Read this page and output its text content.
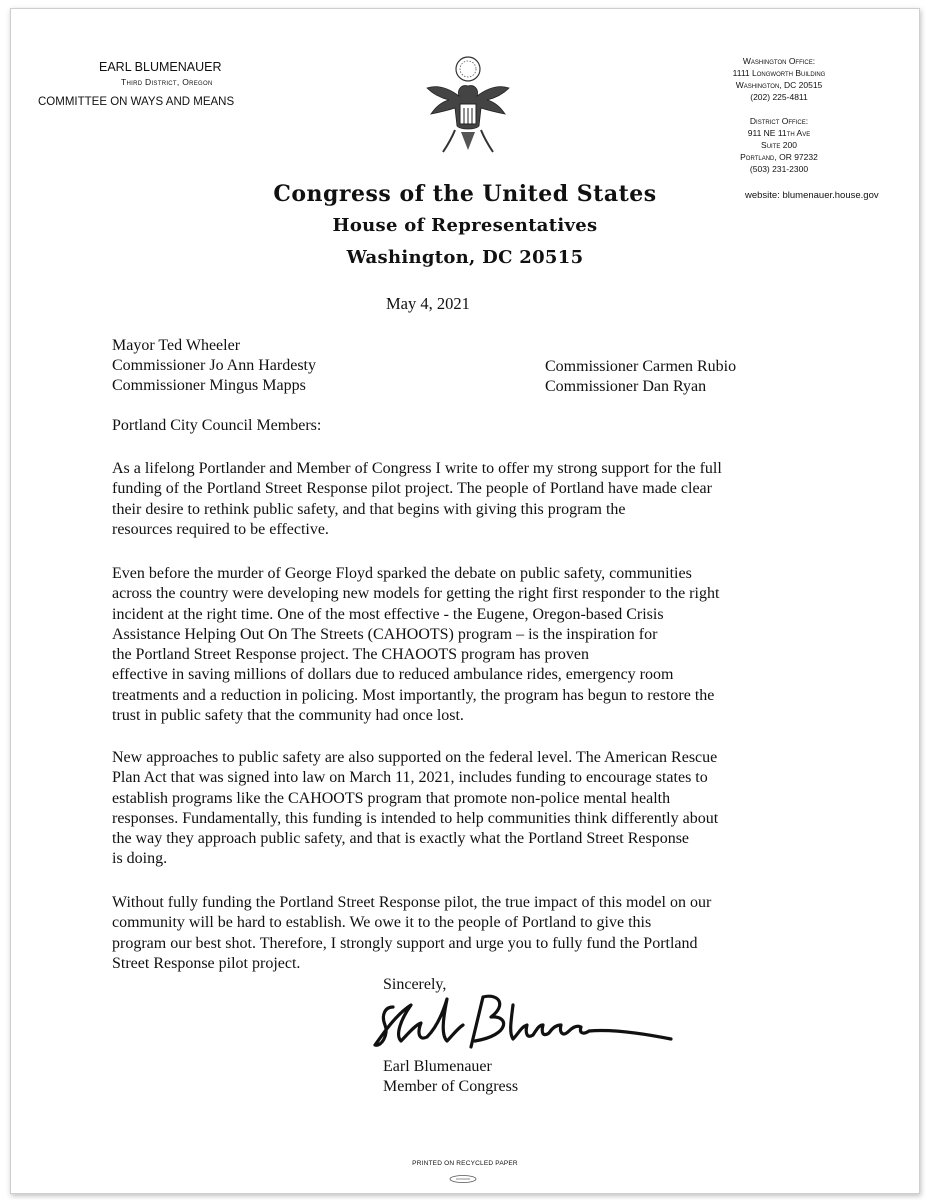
EARL BLUMENAUER
Third District, Oregon
COMMITTEE ON WAYS AND MEANS
Washington Office:
1111 Longworth Building
Washington, DC 20515
(202) 225-4811
District Office:
911 NE 11th Ave
Suite 200
Portland, OR 97232
(503) 231-2300
website: blumenauer.house.gov
Congress of the United States
House of Representatives
Washington, DC 20515
May 4, 2021
Mayor Ted Wheeler
Commissioner Jo Ann Hardesty
Commissioner Mingus Mapps
Commissioner Carmen Rubio
Commissioner Dan Ryan
Portland City Council Members:
As a lifelong Portlander and Member of Congress I write to offer my strong support for the full
funding of the Portland Street Response pilot project. The people of Portland have made clear
their desire to rethink public safety, and that begins with giving this program the
resources required to be effective.
Even before the murder of George Floyd sparked the debate on public safety, communities
across the country were developing new models for getting the right first responder to the right
incident at the right time. One of the most effective - the Eugene, Oregon-based Crisis
Assistance Helping Out On The Streets (CAHOOTS) program – is the inspiration for
the Portland Street Response project. The CHAOOTS program has proven
effective in saving millions of dollars due to reduced ambulance rides, emergency room
treatments and a reduction in policing. Most importantly, the program has begun to restore the
trust in public safety that the community had once lost.
New approaches to public safety are also supported on the federal level. The American Rescue
Plan Act that was signed into law on March 11, 2021, includes funding to encourage states to
establish programs like the CAHOOTS program that promote non-police mental health
responses. Fundamentally, this funding is intended to help communities think differently about
the way they approach public safety, and that is exactly what the Portland Street Response
is doing.
Without fully funding the Portland Street Response pilot, the true impact of this model on our
community will be hard to establish. We owe it to the people of Portland to give this
program our best shot. Therefore, I strongly support and urge you to fully fund the Portland
Street Response pilot project.
Sincerely,
Earl Blumenauer
Member of Congress
PRINTED ON RECYCLED PAPER
